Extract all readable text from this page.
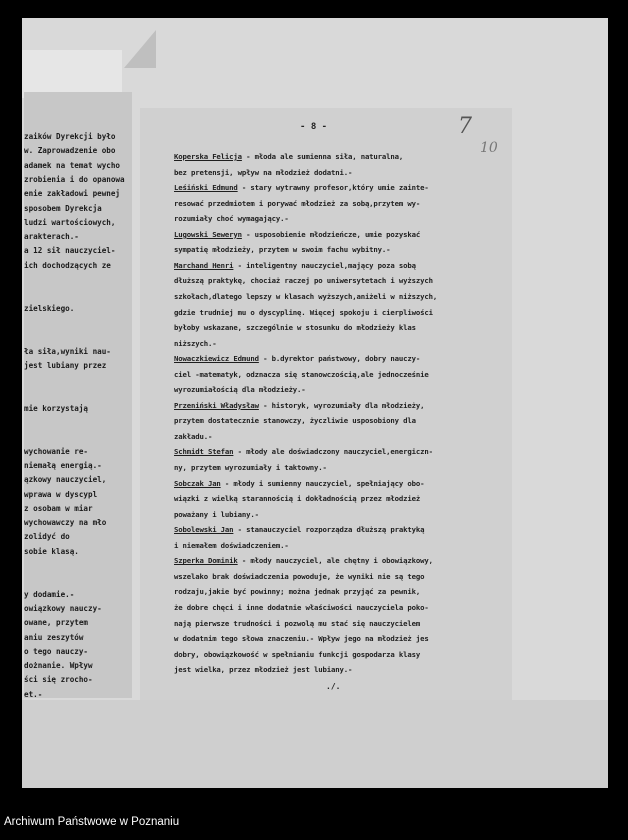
zaików Dyrekcji było
w. Zaprowadzenie obo
adamek na temat wycho
zrobienia i do opanowa
enie zakładowi pewnej
sposobem Dyrekcja
ludzi wartościowych,
arakterach.-
a 12 sił nauczyciel-
ich dochodzących ze
zielskiego.
ła siła,wyniki nau-
jest lubiany przez
mie korzystają
wychowanie re-
niemałą energią.-
ązkowy nauczyciel,
wprawa w dyscypl
z osobam w miar
wychowawczy na mło
zolidyć do
sobie klasą.
y dodamie.-
owiązkowy nauczy-
owane, przytem
aniu zeszytów
o tego nauczy-
dożnanie. Wpływ
ści się zrocho-
et.-
- 8 -	7
10
./.
Koperska Felicja - młoda ale sumienna siła, naturalna,
bez pretensji, wpływ na młodzież dodatni.-
Leśiński Edmund - stary wytrawny profesor,który umie zainte-
resować przedmiotem i porywać młodzież za sobą,przytem wy-
rozumiały choć wymagający.-
Lugowski Seweryn - usposobienie młodzieńcze, umie pozyskać
sympatię młodzieży, przytem w swoim fachu wybitny.-
Marchand Henri - inteligentny nauczyciel,mający poza sobą
dłuższą praktykę, chociaż raczej po uniwersytetach i wyższych
szkołach,dlatego lepszy w klasach wyższych,aniżeli w niższych,
gdzie trudniej mu o dyscyplinę. Więcej spokoju i cierpliwości
byłoby wskazane, szczególnie w stosunku do młodzieży klas
niższych.-
Nowaczkiewicz Edmund - b.dyrektor państwowy, dobry nauczy-
ciel -matematyk, odznacza się stanowczością,ale jednocześnie
wyrozumiałością dla młodzieży.-
Przeniński Władysław - historyk, wyrozumiały dla młodzieży,
przytem dostatecznie stanowczy, życzliwie usposobiony dla
zakładu.-
Schmidt Stefan - młody ale doświadczony nauczyciel,energiczn-
ny, przytem wyrozumiały i taktowny.-
Sobczak Jan - młody i sumienny nauczyciel, spełniający obo-
wiązki z wielką starannością i dokładnością przez młodzież
poważany i lubiany.-
Sobolewski Jan - stanauczyciel rozporządza dłuższą praktyką
i niemałem doświadczeniem.-
Szperka Dominik - młody nauczyciel, ale chętny i obowiązkowy,
wszelako brak doświadczenia powoduje, że wyniki nie są tego
rodzaju,jakie być powinny; można jednak przyjąć za pewnik,
że dobre chęci i inne dodatnie właściwości nauczyciela poko-
nają pierwsze trudności i pozwolą mu stać się nauczycielem
w dodatnim tego słowa znaczeniu.- Wpływ jego na młodzież jes
dobry, obowiązkowość w spełnianiu funkcji gospodarza klasy
jest wielka, przez młodzież jest lubiany.-
Archiwum Państwowe w Poznaniu
